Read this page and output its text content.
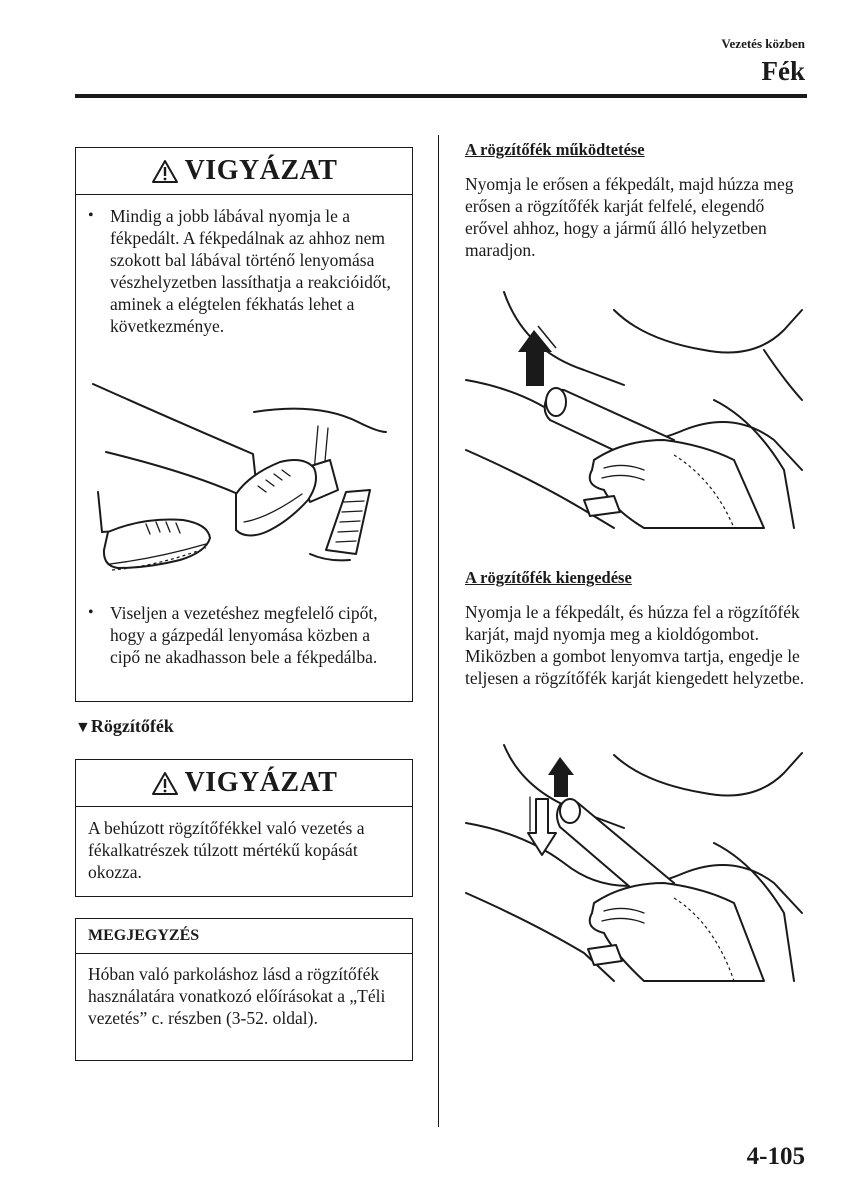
Vezetés közben
Fék
VIGYÁZAT
• Mindig a jobb lábával nyomja le a fékpedált. A fékpedálnak az ahhoz nem szokott bal lábával történő lenyomása vészhelyzetben lassíthatja a reakcióidőt, aminek a elégtelen fékhatás lehet a következménye.
• Viseljen a vezetéshez megfelelő cipőt, hogy a gázpedál lenyomása közben a cipő ne akadhasson bele a fékpedálba.
▼Rögzítőfék
VIGYÁZAT
A behúzott rögzítőfékkel való vezetés a fékalkatrészek túlzott mértékű kopását okozza.
MEGJEGYZÉS
Hóban való parkoláshoz lásd a rögzítőfék használatára vonatkozó előírásokat a „Téli vezetés” c. részben (3-52. oldal).
A rögzítőfék működtetése
Nyomja le erősen a fékpedált, majd húzza meg erősen a rögzítőfék karját felfelé, elegendő erővel ahhoz, hogy a jármű álló helyzetben maradjon.
A rögzítőfék kiengedése
Nyomja le a fékpedált, és húzza fel a rögzítőfék karját, majd nyomja meg a kioldógombot. Miközben a gombot lenyomva tartja, engedje le teljesen a rögzítőfék karját kiengedett helyzetbe.
4-105
